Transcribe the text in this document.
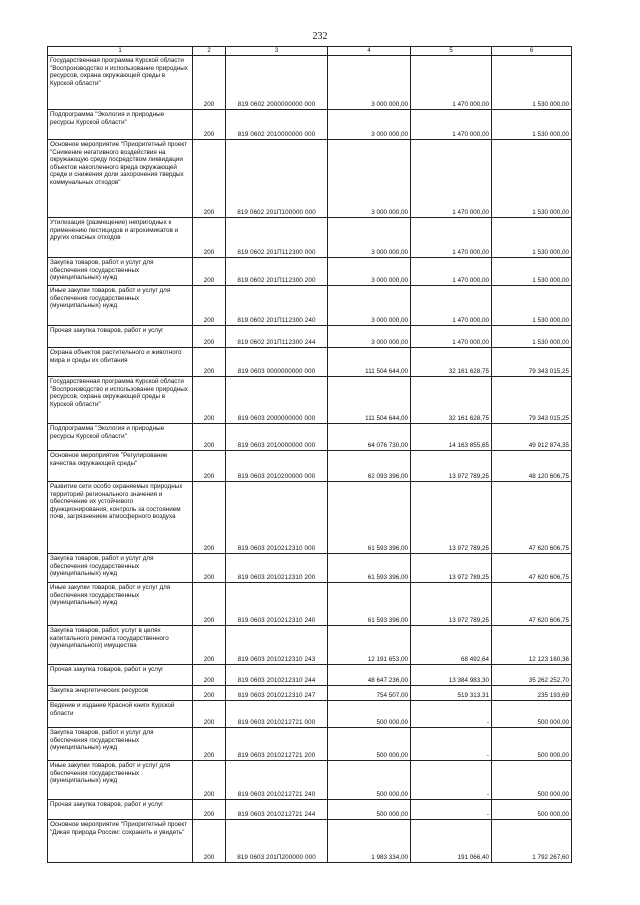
232
1	2	3	4	5	6
Государственная программа Курской области "Воспроизводство и использование природных ресурсов, охрана окружающей среды в Курской области"	200	819 0602 2000000000 000	3 000 000,00	1 470 000,00	1 530 000,00
Подпрограмма "Экология и природные ресурсы Курской области"	200	819 0602 2010000000 000	3 000 000,00	1 470 000,00	1 530 000,00
Основное мероприятие "Приоритетный проект "Снижение негативного воздействия на окружающую среду посредством ликвидации объектов накопленного вреда окружающей среде и снижения доли захоронения твердых коммунальных отходов"	200	819 0602 201П100000 000	3 000 000,00	1 470 000,00	1 530 000,00
Утилизация (размещение) непригодных к применению пестицидов и агрохимикатов и других опасных отходов	200	819 0602 201П112300 000	3 000 000,00	1 470 000,00	1 530 000,00
Закупка товаров, работ и услуг для обеспечения государственных (муниципальных) нужд	200	819 0602 201П112300 200	3 000 000,00	1 470 000,00	1 530 000,00
Иные закупки товаров, работ и услуг для обеспечения государственных (муниципальных) нужд	200	819 0602 201П112300 240	3 000 000,00	1 470 000,00	1 530 000,00
Прочая закупка товаров, работ и услуг	200	819 0602 201П112300 244	3 000 000,00	1 470 000,00	1 530 000,00
Охрана объектов растительного и животного мира и среды их обитания	200	819 0603 0000000000 000	111 504 644,00	32 161 628,75	79 343 015,25
Государственная программа Курской области "Воспроизводство и использование природных ресурсов, охрана окружающей среды в Курской области"	200	819 0603 2000000000 000	111 504 644,00	32 161 628,75	79 343 015,25
Подпрограмма "Экология и природные ресурсы Курской области"	200	819 0603 2010000000 000	64 076 730,00	14 163 855,65	49 912 874,35
Основное мероприятие "Регулирование качества окружающей среды"	200	819 0603 2010200000 000	62 093 396,00	13 972 789,25	48 120 606,75
Развитие сети особо охраняемых природных территорий регионального значения и обеспечение их устойчивого функционирования, контроль за состоянием почв, загрязнением атмосферного воздуха	200	819 0603 2010212310 000	61 593 396,00	13 972 789,25	47 620 606,75
Закупка товаров, работ и услуг для обеспечения государственных (муниципальных) нужд	200	819 0603 2010212310 200	61 593 396,00	13 972 789,25	47 620 606,75
Иные закупки товаров, работ и услуг для обеспечения государственных (муниципальных) нужд	200	819 0603 2010212310 240	61 593 396,00	13 972 789,25	47 620 606,75
Закупка товаров, работ, услуг в целях капитального ремонта государственного (муниципального) имущества	200	819 0603 2010212310 243	12 191 653,00	68 492,64	12 123 160,36
Прочая закупка товаров, работ и услуг	200	819 0603 2010212310 244	48 647 236,00	13 384 983,30	35 262 252,70
Закупка энергетических ресурсов	200	819 0603 2010212310 247	754 507,00	519 313,31	235 193,69
Ведение и издание Красной книги Курской области	200	819 0603 2010212721 000	500 000,00	-	500 000,00
Закупка товаров, работ и услуг для обеспечения государственных (муниципальных) нужд	200	819 0603 2010212721 200	500 000,00	-	500 000,00
Иные закупки товаров, работ и услуг для обеспечения государственных (муниципальных) нужд	200	819 0603 2010212721 240	500 000,00	-	500 000,00
Прочая закупка товаров, работ и услуг	200	819 0603 2010212721 244	500 000,00	-	500 000,00
Основное мероприятие "Приоритетный проект "Дикая природа России: сохранить и увидеть"	200	819 0603 201П200000 000	1 983 334,00	191 066,40	1 792 267,60
